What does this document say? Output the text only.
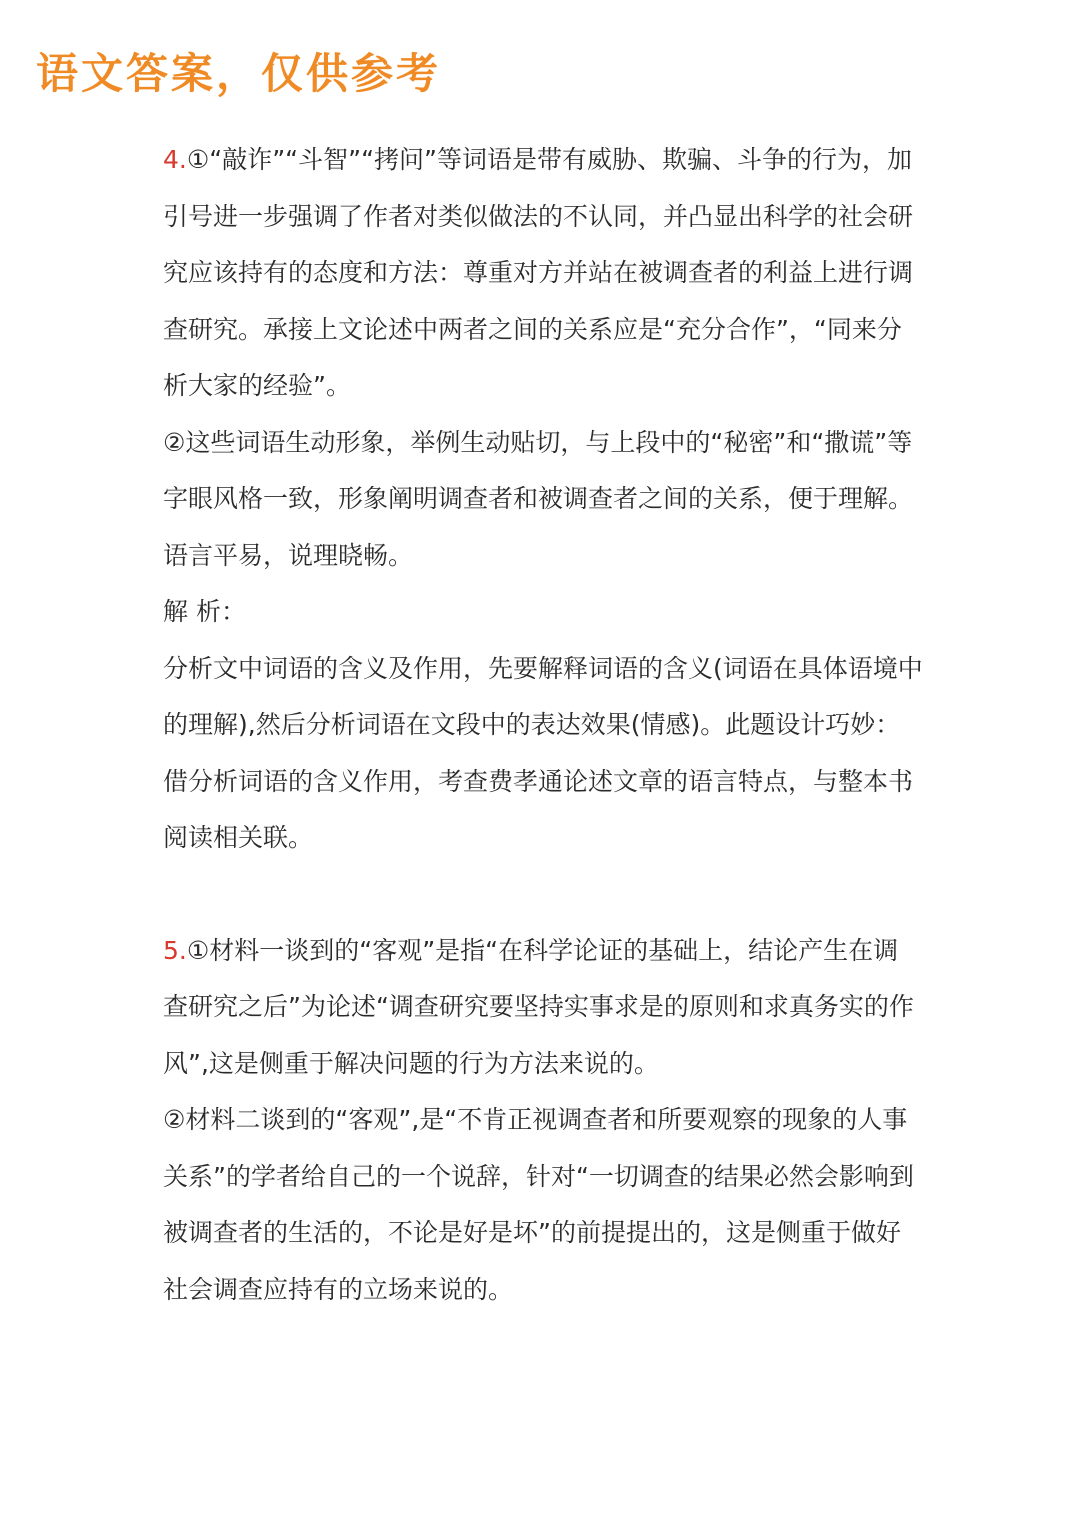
语文答案，仅供参考

4.①“敲诈”“斗智”“拷问”等词语是带有威胁、欺骗、斗争的行为，加引号进一步强调了作者对类似做法的不认同，并凸显出科学的社会研究应该持有的态度和方法：尊重对方并站在被调查者的利益上进行调查研究。承接上文论述中两者之间的关系应是“充分合作”，“同来分析大家的经验”。

②这些词语生动形象，举例生动贴切，与上段中的“秘密”和“撒谎”等字眼风格一致，形象阐明调查者和被调查者之间的关系，便于理解。语言平易，说理晓畅。

解 析：

分析文中词语的含义及作用，先要解释词语的含义(词语在具体语境中的理解),然后分析词语在文段中的表达效果(情感)。此题设计巧妙：借分析词语的含义作用，考查费孝通论述文章的语言特点，与整本书阅读相关联。

5.①材料一谈到的“客观”是指“在科学论证的基础上，结论产生在调查研究之后”为论述“调查研究要坚持实事求是的原则和求真务实的作风”,这是侧重于解决问题的行为方法来说的。

②材料二谈到的“客观”,是“不肯正视调查者和所要观察的现象的人事关系”的学者给自己的一个说辞，针对“一切调查的结果必然会影响到被调查者的生活的，不论是好是坏”的前提提出的，这是侧重于做好社会调查应持有的立场来说的。
